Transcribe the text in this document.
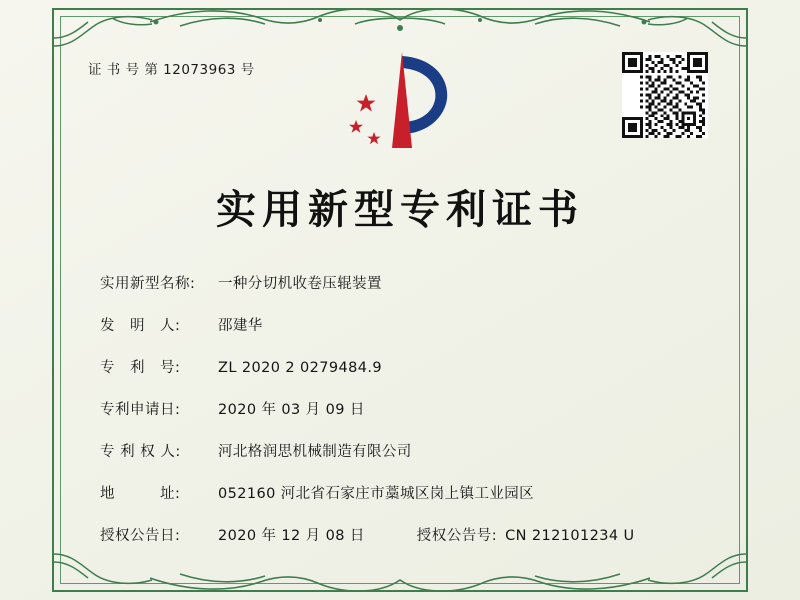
证 书 号 第 12073963 号
实用新型专利证书
实用新型名称:	一种分切机收卷压辊装置
发　明　人:	邵建华
专　利　号:	ZL 2020 2 0279484.9
专利申请日:	2020 年 03 月 09 日
专 利 权 人:	河北格润思机械制造有限公司
地　　　址:	052160 河北省石家庄市藁城区岗上镇工业园区
授权公告日:	2020 年 12 月 08 日	授权公告号: CN 212101234 U
